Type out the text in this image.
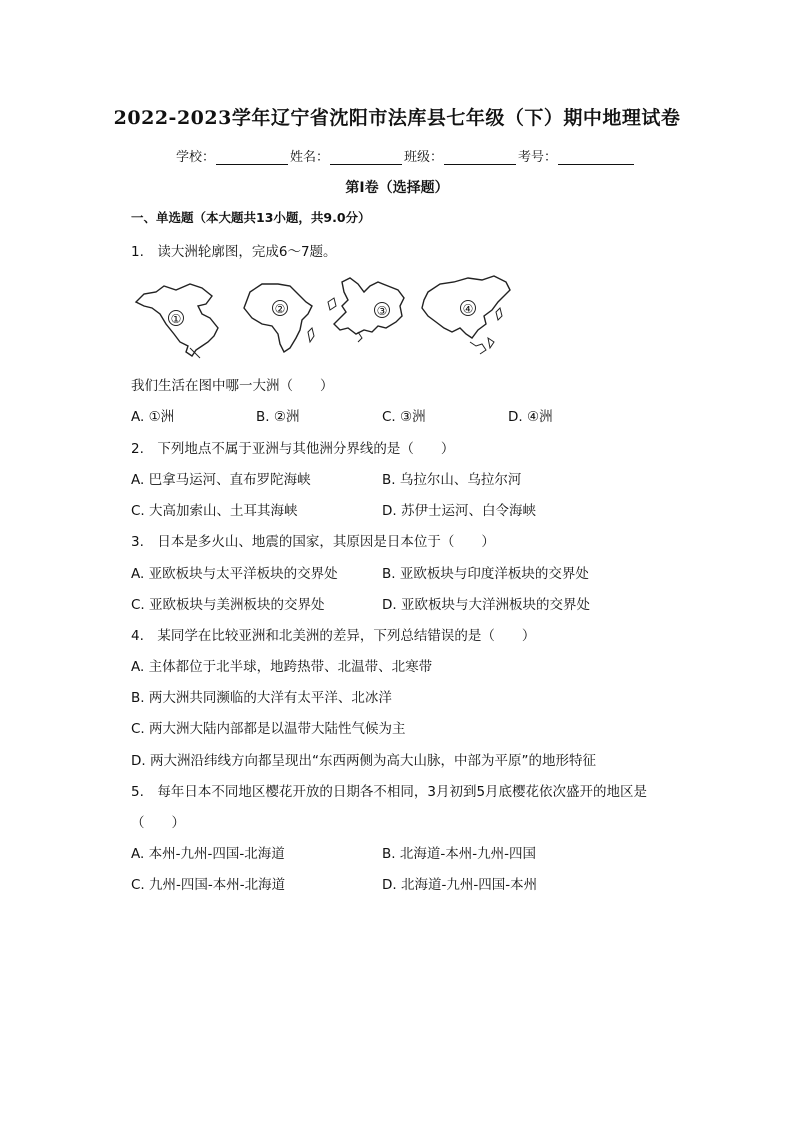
2022-2023学年辽宁省沈阳市法库县七年级（下）期中地理试卷
学校：	姓名：	班级：	考号：
第Ⅰ卷（选择题）
一、单选题（本大题共13小题，共9.0分）
1.　读大洲轮廓图，完成6～7题。
①
②	③	④
我们生活在图中哪一大洲（　　）
A. ①洲	B. ②洲	C. ③洲	D. ④洲
2.　下列地点不属于亚洲与其他洲分界线的是（　　）
A. 巴拿马运河、直布罗陀海峡	B. 乌拉尔山、乌拉尔河
C. 大高加索山、土耳其海峡	D. 苏伊士运河、白令海峡
3.　日本是多火山、地震的国家，其原因是日本位于（　　）
A. 亚欧板块与太平洋板块的交界处	B. 亚欧板块与印度洋板块的交界处
C. 亚欧板块与美洲板块的交界处	D. 亚欧板块与大洋洲板块的交界处
4.　某同学在比较亚洲和北美洲的差异，下列总结错误的是（　　）
A. 主体都位于北半球，地跨热带、北温带、北寒带
B. 两大洲共同濒临的大洋有太平洋、北冰洋
C. 两大洲大陆内部都是以温带大陆性气候为主
D. 两大洲沿纬线方向都呈现出“东西两侧为高大山脉，中部为平原”的地形特征
5.　每年日本不同地区樱花开放的日期各不相同，3月初到5月底樱花依次盛开的地区是
（　　）
A. 本州-九州-四国-北海道	B. 北海道-本州-九州-四国
C. 九州-四国-本州-北海道	D. 北海道-九州-四国-本州
